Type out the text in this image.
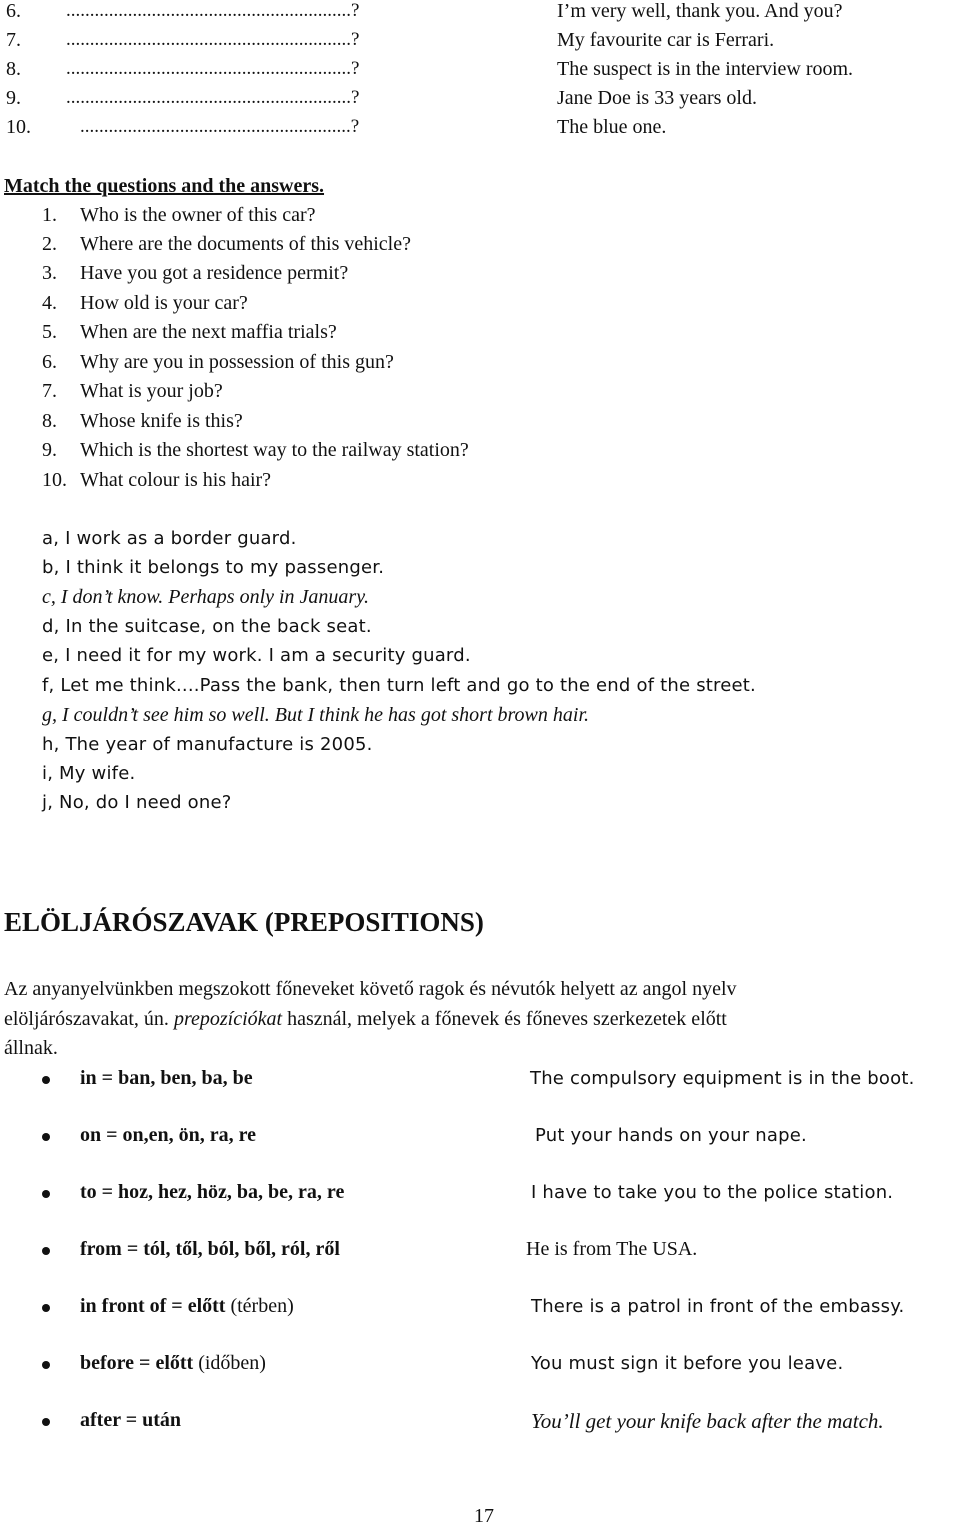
6. ............................................................?	I’m very well, thank you. And you?
7. ............................................................?	My favourite car is Ferrari.
8. ............................................................?	The suspect is in the interview room.
9. ............................................................?	Jane Doe is 33 years old.
10.	.........................................................?	The blue one.
Match the questions and the answers.
1. Who is the owner of this car?
2. Where are the documents of this vehicle?
3. Have you got a residence permit?
4. How old is your car?
5. When are the next maffia trials?
6. Why are you in possession of this gun?
7. What is your job?
8. Whose knife is this?
9. Which is the shortest way to the railway station?
10. What colour is his hair?
a, I work as a border guard.
b, I think it belongs to my passenger.
c, I don’t know. Perhaps only in January.
d, In the suitcase, on the back seat.
e, I need it for my work. I am a security guard.
f, Let me think....Pass the bank, then turn left and go to the end of the street.
g, I couldn’t see him so well. But I think he has got short brown hair.
h, The year of manufacture is 2005.
i, My wife.
j, No, do I need one?
ELÖLJÁRÓSZAVAK (PREPOSITIONS)
Az anyanyelvünkben megszokott főneveket követő ragok és névutók helyett az angol nyelv
elöljárószavakat, ún. prepozíciókat használ, melyek a főnevek és főneves szerkezetek előtt
állnak.
in = ban, ben, ba, be	The compulsory equipment is in the boot.
on = on,en, ön, ra, re	Put your hands on your nape.
to = hoz, hez, höz, ba, be, ra, re	I have to take you to the police station.
from = tól, től, ból, ből, ról, ről	He is from The USA.
in front of = előtt (térben)	There is a patrol in front of the embassy.
before = előtt (időben)	You must sign it before you leave.
after = után	You’ll get your knife back after the match.
17
